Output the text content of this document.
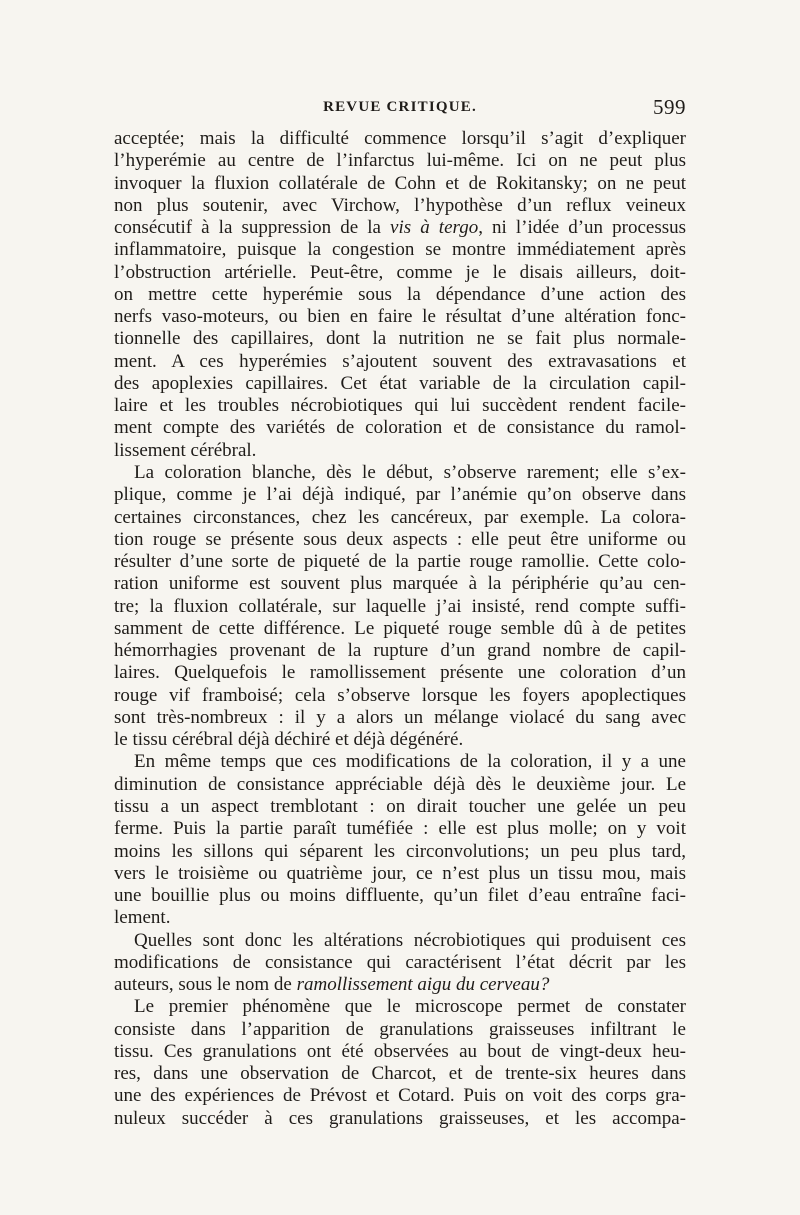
REVUE CRITIQUE.	599
acceptée; mais la difficulté commence lorsqu’il s’agit d’expliquer
l’hyperémie au centre de l’infarctus lui-même. Ici on ne peut plus
invoquer la fluxion collatérale de Cohn et de Rokitansky; on ne peut
non plus soutenir, avec Virchow, l’hypothèse d’un reflux veineux
consécutif à la suppression de la vis à tergo, ni l’idée d’un processus
inflammatoire, puisque la congestion se montre immédiatement après
l’obstruction artérielle. Peut-être, comme je le disais ailleurs, doit-
on mettre cette hyperémie sous la dépendance d’une action des
nerfs vaso-moteurs, ou bien en faire le résultat d’une altération fonc-
tionnelle des capillaires, dont la nutrition ne se fait plus normale-
ment. A ces hyperémies s’ajoutent souvent des extravasations et
des apoplexies capillaires. Cet état variable de la circulation capil-
laire et les troubles nécrobiotiques qui lui succèdent rendent facile-
ment compte des variétés de coloration et de consistance du ramol-
lissement cérébral.
La coloration blanche, dès le début, s’observe rarement; elle s’ex-
plique, comme je l’ai déjà indiqué, par l’anémie qu’on observe dans
certaines circonstances, chez les cancéreux, par exemple. La colora-
tion rouge se présente sous deux aspects : elle peut être uniforme ou
résulter d’une sorte de piqueté de la partie rouge ramollie. Cette colo-
ration uniforme est souvent plus marquée à la périphérie qu’au cen-
tre; la fluxion collatérale, sur laquelle j’ai insisté, rend compte suffi-
samment de cette différence. Le piqueté rouge semble dû à de petites
hémorrhagies provenant de la rupture d’un grand nombre de capil-
laires. Quelquefois le ramollissement présente une coloration d’un
rouge vif framboisé; cela s’observe lorsque les foyers apoplectiques
sont très-nombreux : il y a alors un mélange violacé du sang avec
le tissu cérébral déjà déchiré et déjà dégénéré.
En même temps que ces modifications de la coloration, il y a une
diminution de consistance appréciable déjà dès le deuxième jour. Le
tissu a un aspect tremblotant : on dirait toucher une gelée un peu
ferme. Puis la partie paraît tuméfiée : elle est plus molle; on y voit
moins les sillons qui séparent les circonvolutions; un peu plus tard,
vers le troisième ou quatrième jour, ce n’est plus un tissu mou, mais
une bouillie plus ou moins diffluente, qu’un filet d’eau entraîne faci-
lement.
Quelles sont donc les altérations nécrobiotiques qui produisent ces
modifications de consistance qui caractérisent l’état décrit par les
auteurs, sous le nom de ramollissement aigu du cerveau?
Le premier phénomène que le microscope permet de constater
consiste dans l’apparition de granulations graisseuses infiltrant le
tissu. Ces granulations ont été observées au bout de vingt-deux heu-
res, dans une observation de Charcot, et de trente-six heures dans
une des expériences de Prévost et Cotard. Puis on voit des corps gra-
nuleux succéder à ces granulations graisseuses, et les accompa-
